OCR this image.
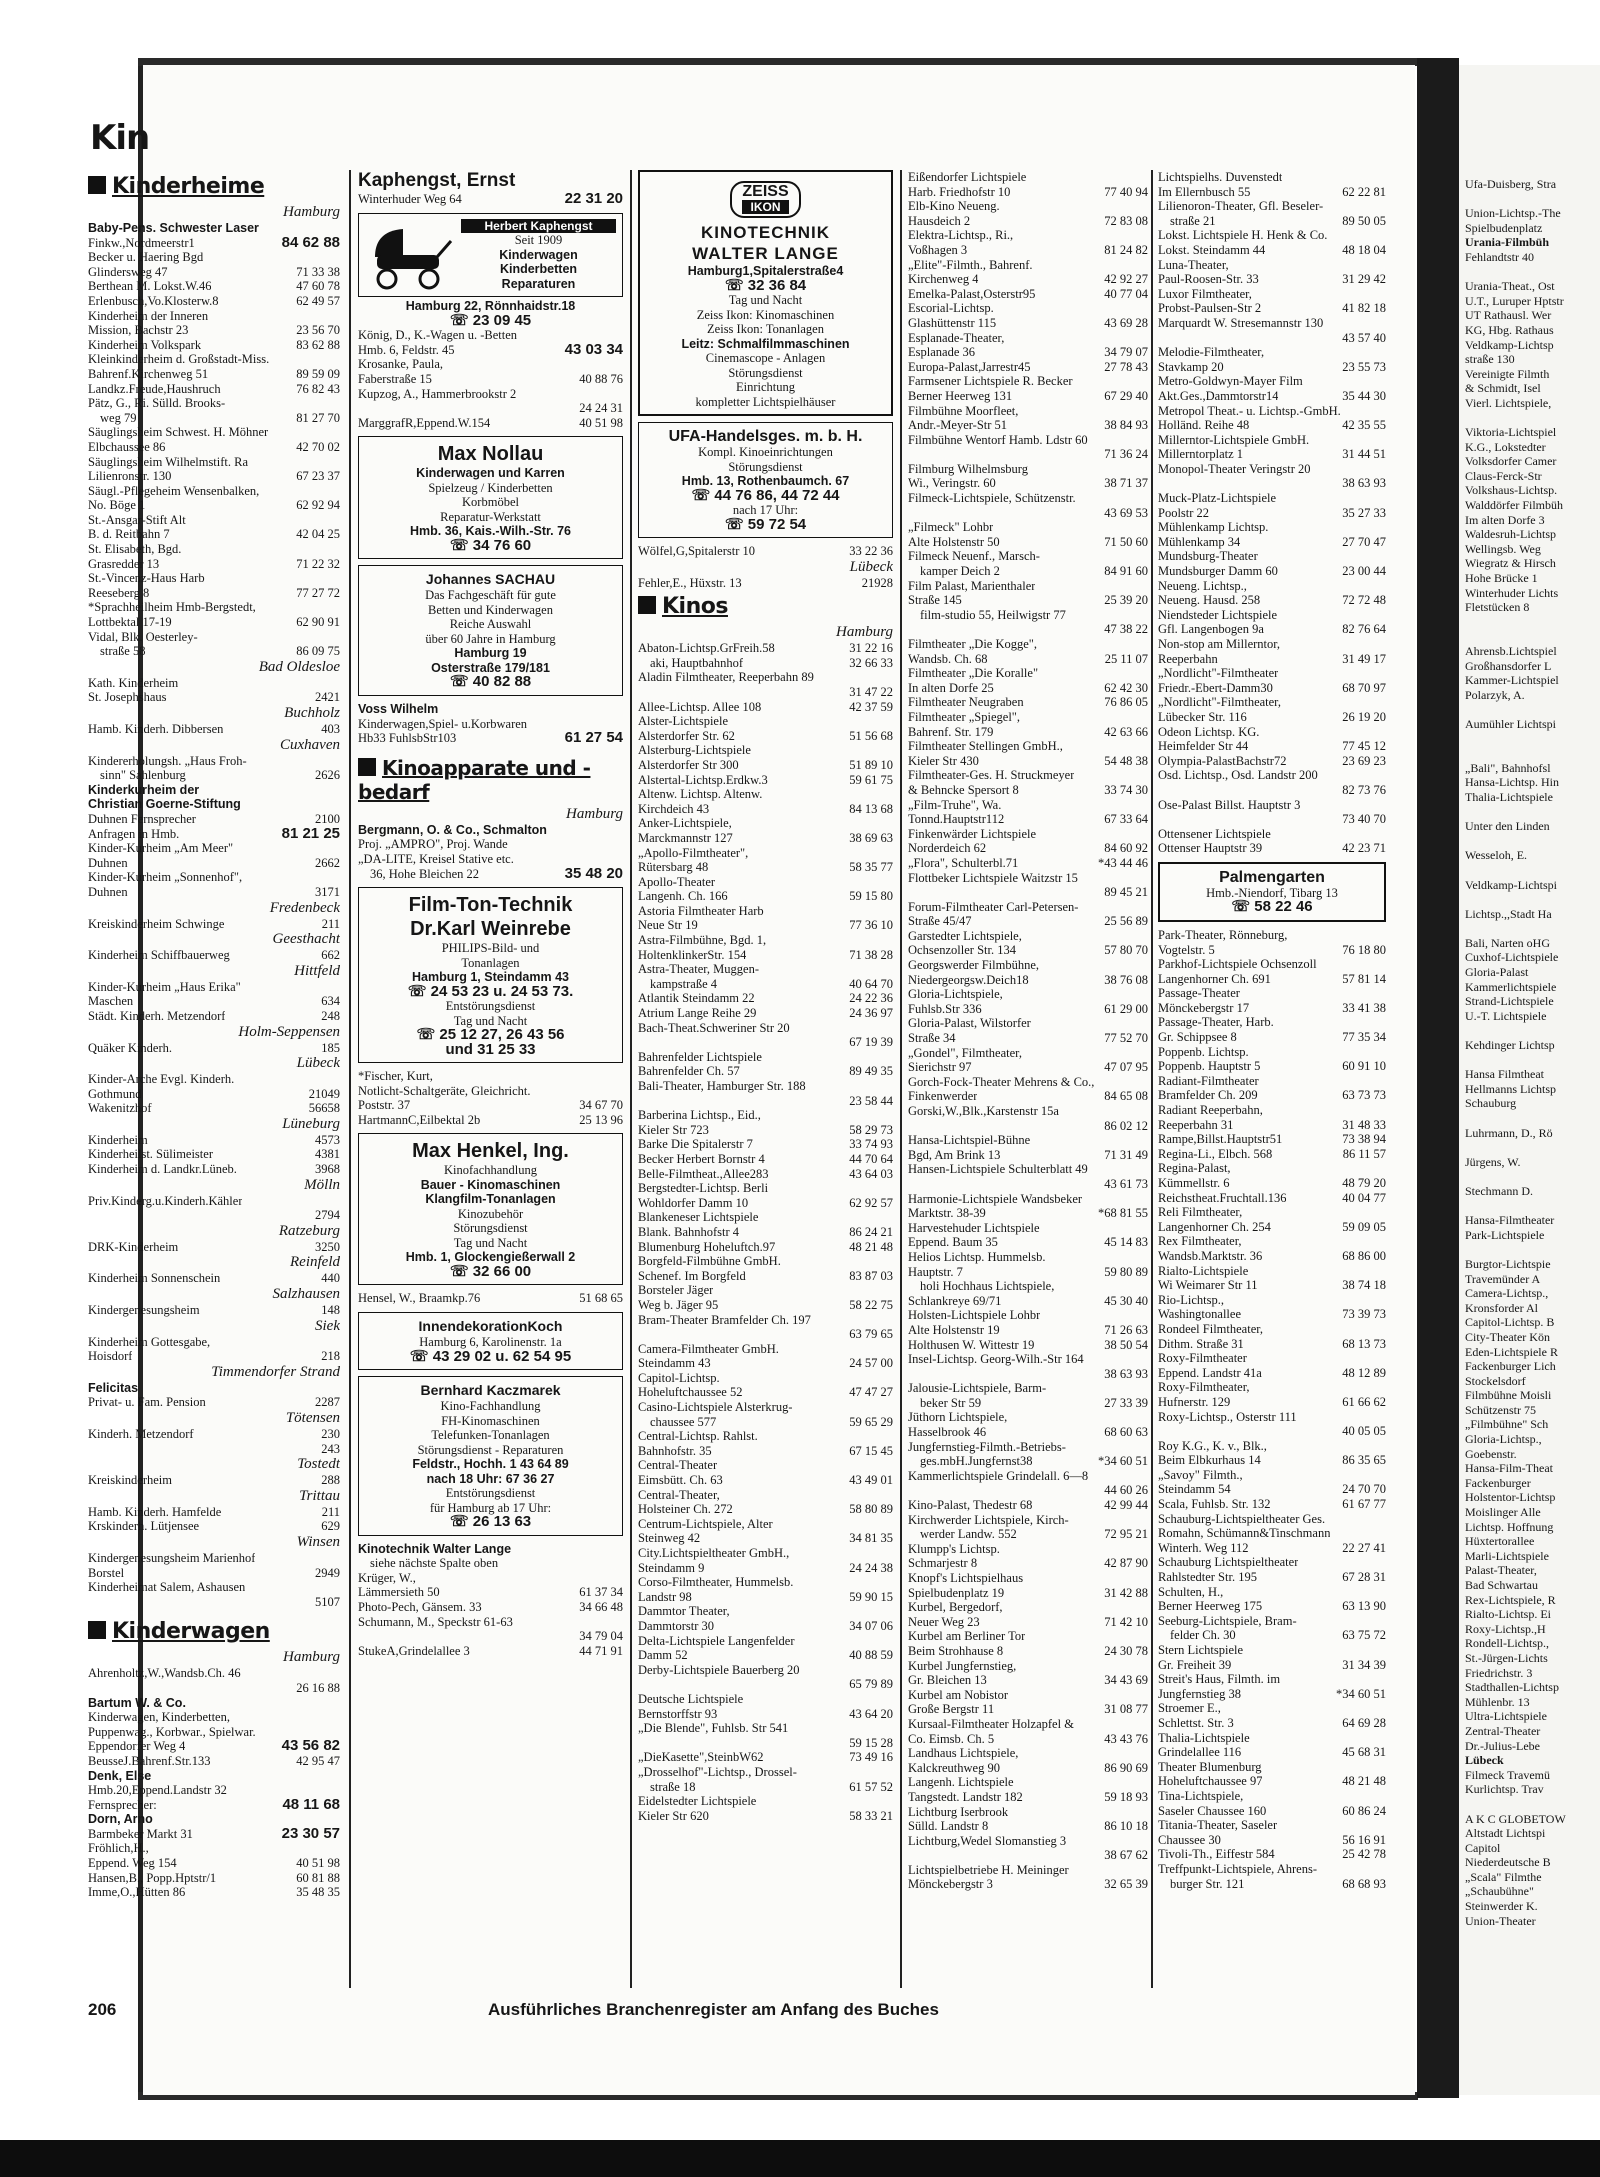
Ufa-Duisberg, Stra

Union-Lichtsp.-The
Spielbudenplatz
Urania-Filmbüh
Fehlandtstr 40

Urania-Theat., Ost
U.T., Luruper Hptstr
UT Rathausl. Wer
KG, Hbg. Rathaus
Veldkamp-Lichtsp
straße 130
Vereinigte Filmth
& Schmidt, Isel
Vierl. Lichtspiele,

Viktoria-Lichtspiel
K.G., Lokstedter
Volksdorfer Camer
Claus-Ferck-Str
Volkshaus-Lichtsp.
Walddörfer Filmbüh
Im alten Dorfe 3
Waldesruh-Lichtsp
Wellingsb. Weg
Wiegratz & Hirsch
Hohe Brücke 1
Winterhuder Lichts
Fletstücken 8

Ahrensb.Lichtspiel
Großhansdorfer L
Kammer-Lichtspiel
Polarzyk, A.

Aumühler Lichtspi

„Bali", Bahnhofsl
Hansa-Lichtsp. Hin
Thalia-Lichtspiele

Unter den Linden

Wesseloh, E.

Veldkamp-Lichtspi

Lichtsp.,,Stadt Ha

Bali, Narten oHG
Cuxhof-Lichtspiele
Gloria-Palast
Kammerlichtspiele
Strand-Lichtspiele
U.-T. Lichtspiele

Kehdinger Lichtsp

Hansa Filmtheat
Hellmanns Lichtsp
Schauburg

Luhrmann, D., Rö

Jürgens, W.

Stechmann D.

Hansa-Filmtheater
Park-Lichtspiele

Burgtor-Lichtspie
Travemünder A
Camera-Lichtsp.,
Kronsforder Al
Capitol-Lichtsp. B
City-Theater Kön
Eden-Lichtspiele R
Fackenburger Lich
Stockelsdorf
Filmbühne Moisli
Schützenstr 75
„Filmbühne" Sch
Gloria-Lichtsp.,
Goebenstr.
Hansa-Film-Theat
Fackenburger
Holstentor-Lichtsp
Moislinger Alle
Lichtsp. Hoffnung
Hüxtertorallee
Marli-Lichtspiele
Palast-Theater,
Bad Schwartau
Rex-Lichtspiele, R
Rialto-Lichtsp. Ei
Roxy-Lichtsp.,H
Rondell-Lichtsp.,
St.-Jürgen-Lichts
Friedrichstr. 3
Stadthallen-Lichtsp
Mühlenbr. 13
Ultra-Lichtspiele
Zentral-Theater
Dr.-Julius-Lebe
Lübeck
Filmeck Travemü
Kurlichtsp. Trav

A K C GLOBETOW
Altstadt Lichtspi
Capitol
Niederdeutsche B
„Scala" Filmthe
„Schaubühne"
Steinwerder K.
Union-Theater
Kin
Kinderheime
Hamburg
Baby-Pens. Schwester Laser
Finkw.,Nordmeerstr1	84 62 88
Becker u. Haering Bgd
Glindersweg 47	71 33 38
Berthean M. Lokst.W.46	47 60 78
Erlenbusch,Vo.Klosterw.8	62 49 57
Kinderheim der Inneren
Mission, Bachstr 23	23 56 70
Kinderheim Volkspark	83 62 88
Kleinkinderheim d. Großstadt-Miss.
Bahrenf.Kirchenweg 51	89 59 09
Landkz.Freude,Haushruch	76 82 43
Pätz, G., Ri. Sülld. Brooks-
weg 79	81 27 70
Säuglingsheim Schwest. H. Möhner
Elbchaussee 86	42 70 02
Säuglingsheim Wilhelmstift. Ra
Lilienronstr. 130	67 23 37
Säugl.-Pflegeheim Wensenbalken,
No. Böge 1	62 92 94
St.-Ansgar-Stift Alt
B. d. Reitbahn 7	42 04 25
St. Elisabeth, Bgd.
Grasredder 13	71 22 32
St.-Vincenz-Haus Harb
Reeseberg 8	77 27 72
*Sprachheilheim Hmb-Bergstedt,
Lottbektal 17-19	62 90 91
Vidal, Blk. Oesterley-
straße 58	86 09 75
Bad Oldesloe
Kath. Kinderheim
St. Josephshaus	2421
Buchholz
Hamb. Kinderh. Dibbersen	403
Cuxhaven
Kindererholungsh. „Haus Froh-
sinn" Sahlenburg	2626
Kinderkurheim der
Christian Goerne-Stiftung
Duhnen Fernsprecher	2100
Anfragen in Hmb.	81 21 25
Kinder-Kurheim „Am Meer"
Duhnen	2662
Kinder-Kurheim „Sonnenhof",
Duhnen	3171
Fredenbeck
Kreiskinderheim Schwinge	211
Geesthacht
Kinderheim Schiffbauerweg	662
Hittfeld
Kinder-Kurheim „Haus Erika"
Maschen	634
Städt. Kinderh. Metzendorf	248
Holm-Seppensen
Quäker Kinderh.	185
Lübeck
Kinder-Arche Evgl. Kinderh.
Gothmund	21049
Wakenitzhof	56658
Lüneburg
Kinderheim	4573
Kinderheilst. Sülimeister	4381
Kinderheim d. Landkr.Lüneb.	3968
Mölln
Priv.Kinderg.u.Kinderh.Kähler
2794
Ratzeburg
DRK-Kinderheim	3250
Reinfeld
Kinderheim Sonnenschein	440
Salzhausen
Kindergenesungsheim	148
Siek
Kinderheim Gottesgabe,
Hoisdorf	218
Timmendorfer Strand
Felicitas
Privat- u. Fam. Pension	2287
Tötensen
Kinderh. Metzendorf	230
243
Tostedt
Kreiskinderheim	288
Trittau
Hamb. Kinderh. Hamfelde	211
Krskinderh. Lütjensee	629
Winsen
Kindergenesungsheim Marienhof
Borstel	2949
Kinderheimat Salem, Ashausen
5107
Kinderwagen
Hamburg
Ahrenholtz,W.,Wandsb.Ch. 46
26 16 88
Bartum W. & Co.
Kinderwagen, Kinderbetten,
Puppenwag., Korbwar., Spielwar.
Eppendorfer Weg 4	43 56 82
BeusseJ.Bahrenf.Str.133	42 95 47
Denk, Else
Hmb.20,Eppend.Landstr 32
Fernsprecher:	48 11 68
Dorn, Arno
Barmbeker Markt 31	23 30 57
Fröhlich,H.,
Eppend. Weg 154	40 51 98
Hansen,B., Popp.Hptstr/1	60 81 88
Imme,O.,Hütten 86	35 48 35
Kaphengst, Ernst
Winterhuder Weg 64	22 31 20
Herbert Kaphengst
Seit 1909
Kinderwagen
Kinderbetten
Reparaturen
Hamburg 22, Rönnhaidstr.18
☏ 23 09 45
König, D., K.-Wagen u. -Betten
Hmb. 6, Feldstr. 45	43 03 34
Krosanke, Paula,
Faberstraße 15	40 88 76
Kupzog, A., Hammerbrookstr 2
24 24 31
MarggrafR,Eppend.W.154	40 51 98
Max Nollau
Kinderwagen und Karren
Spielzeug / Kinderbetten
Korbmöbel
Reparatur-Werkstatt
Hmb. 36, Kais.-Wilh.-Str. 76
☏ 34 76 60
Johannes SACHAU
Das Fachgeschäft für gute
Betten und Kinderwagen
Reiche Auswahl
über 60 Jahre in Hamburg
Hamburg 19
Osterstraße 179/181
☏ 40 82 88
Voss Wilhelm
Kinderwagen,Spiel- u.Korbwaren
Hb33 FuhlsbStr103	61 27 54
Kinoapparate und -bedarf
Hamburg
Bergmann, O. & Co., Schmalton
Proj. „AMPRO", Proj. Wande
„DA-LITE, Kreisel Stative etc.
36, Hohe Bleichen 22	35 48 20
Film-Ton-Technik
Dr.Karl Weinrebe
PHILIPS-Bild- und
Tonanlagen
Hamburg 1, Steindamm 43
☏ 24 53 23 u. 24 53 73.
Entstörungsdienst
Tag und Nacht
☏ 25 12 27, 26 43 56
und 31 25 33
*Fischer, Kurt,
Notlicht-Schaltgeräte, Gleichricht.
Poststr. 37	34 67 70
HartmannC,Eilbektal 2b	25 13 96
Max Henkel, Ing.
Kinofachhandlung
Bauer - Kinomaschinen
Klangfilm-Tonanlagen
Kinozubehör
Störungsdienst
Tag und Nacht
Hmb. 1, Glockengießerwall 2
☏ 32 66 00
Hensel, W., Braamkp.76	51 68 65
InnendekorationKoch
Hamburg 6, Karolinenstr. 1a
☏ 43 29 02 u. 62 54 95
Bernhard Kaczmarek
Kino-Fachhandlung
FH-Kinomaschinen
Telefunken-Tonanlagen
Störungsdienst - Reparaturen
Feldstr., Hochh. 1 43 64 89
nach 18 Uhr: 67 36 27
Entstörungsdienst
für Hamburg ab 17 Uhr:
☏ 26 13 63
Kinotechnik Walter Lange
siehe nächste Spalte oben
Krüger, W.,
Lämmersieth 50	61 37 34
Photo-Pech, Gänsem. 33	34 66 48
Schumann, M., Speckstr 61-63
34 79 04
StukeA,Grindelallee 3	44 71 91
ZEISS
IKON
KINOTECHNIK
WALTER LANGE
Hamburg1,Spitalerstraße4
☏ 32 36 84
Tag und Nacht
Zeiss Ikon: Kinomaschinen
Zeiss Ikon: Tonanlagen
Leitz: Schmalfilmmaschinen
Cinemascope - Anlagen
Störungsdienst
Einrichtung
kompletter Lichtspielhäuser
UFA-Handelsges. m. b. H.
Kompl. Kinoeinrichtungen
Störungsdienst
Hmb. 13, Rothenbaumch. 67
☏ 44 76 86, 44 72 44
nach 17 Uhr:
☏ 59 72 54
Wölfel,G,Spitalerstr 10	33 22 36
Lübeck
Fehler,E., Hüxstr. 13	21928
Kinos
Hamburg
Abaton-Lichtsp.GrFreih.58	31 22 16
aki, Hauptbahnhof	32 66 33
Aladin Filmtheater, Reeperbahn 89
31 47 22
Allee-Lichtsp. Allee 108	42 37 59
Alster-Lichtspiele
Alsterdorfer Str. 62	51 56 68
Alsterburg-Lichtspiele
Alsterdorfer Str 300	51 89 10
Alstertal-Lichtsp.Erdkw.3	59 61 75
Altenw. Lichtsp. Altenw.
Kirchdeich 43	84 13 68
Anker-Lichtspiele,
Marckmannstr 127	38 69 63
„Apollo-Filmtheater",
Rütersbarg 48	58 35 77
Apollo-Theater
Langenh. Ch. 166	59 15 80
Astoria Filmtheater Harb
Neue Str 19	77 36 10
Astra-Filmbühne, Bgd. 1,
HoltenklinkerStr. 154	71 38 28
Astra-Theater, Muggen-
kampstraße 4	40 64 70
Atlantik Steindamm 22	24 22 36
Atrium Lange Reihe 29	24 36 97
Bach-Theat.Schweriner Str 20
67 19 39
Bahrenfelder Lichtspiele
Bahrenfelder Ch. 57	89 49 35
Bali-Theater, Hamburger Str. 188
23 58 44
Barberina Lichtsp., Eid.,
Kieler Str 723	58 29 73
Barke Die Spitalerstr 7	33 74 93
Becker Herbert Bornstr 4	44 70 64
Belle-Filmtheat.,Allee283	43 64 03
Bergstedter-Lichtsp. Berli
Wohldorfer Damm 10	62 92 57
Blankeneser Lichtspiele
Blank. Bahnhofstr 4	86 24 21
Blumenburg Hoheluftch.97	48 21 48
Borgfeld-Filmbühne GmbH.
Schenef. Im Borgfeld	83 87 03
Borsteler Jäger
Weg b. Jäger 95	58 22 75
Bram-Theater Bramfelder Ch. 197
63 79 65
Camera-Filmtheater GmbH.
Steindamm 43	24 57 00
Capitol-Lichtsp.
Hoheluftchaussee 52	47 47 27
Casino-Lichtspiele Alsterkrug-
chaussee 577	59 65 29
Central-Lichtsp. Rahlst.
Bahnhofstr. 35	67 15 45
Central-Theater
Eimsbütt. Ch. 63	43 49 01
Central-Theater,
Holsteiner Ch. 272	58 80 89
Centrum-Lichtspiele, Alter
Steinweg 42	34 81 35
City.Lichtspieltheater GmbH.,
Steindamm 9	24 24 38
Corso-Filmtheater, Hummelsb.
Landstr 98	59 90 15
Dammtor Theater,
Dammtorstr 30	34 07 06
Delta-Lichtspiele Langenfelder
Damm 52	40 88 59
Derby-Lichtspiele Bauerberg 20
65 79 89
Deutsche Lichtspiele
Bernstorffstr 93	43 64 20
„Die Blende", Fuhlsb. Str 541
59 15 28
„DieKasette",SteinbW62	73 49 16
„Drosselhof"-Lichtsp., Drossel-
straße 18	61 57 52
Eidelstedter Lichtspiele
Kieler Str 620	58 33 21
Eißendorfer Lichtspiele
Harb. Friedhofstr 10	77 40 94
Elb-Kino Neueng.
Hausdeich 2	72 83 08
Elektra-Lichtsp., Ri.,
Voßhagen 3	81 24 82
„Elite"-Filmth., Bahrenf.
Kirchenweg 4	42 92 27
Emelka-Palast,Osterstr95	40 77 04
Escorial-Lichtsp.
Glashüttenstr 115	43 69 28
Esplanade-Theater,
Esplanade 36	34 79 07
Europa-Palast,Jarrestr45	27 78 43
Farmsener Lichtspiele R. Becker
Berner Heerweg 131	67 29 40
Filmbühne Moorfleet,
Andr.-Meyer-Str 51	38 84 93
Filmbühne Wentorf Hamb. Ldstr 60
71 36 24
Filmburg Wilhelmsburg
Wi., Veringstr. 60	38 71 37
Filmeck-Lichtspiele, Schützenstr.
43 69 53
„Filmeck" Lohbr
Alte Holstenstr 50	71 50 60
Filmeck Neuenf., Marsch-
kamper Deich 2	84 91 60
Film Palast, Marienthaler
Straße 145	25 39 20
film-studio 55, Heilwigstr 77
47 38 22
Filmtheater „Die Kogge",
Wandsb. Ch. 68	25 11 07
Filmtheater „Die Koralle"
In alten Dorfe 25	62 42 30
Filmtheater Neugraben	76 86 05
Filmtheater „Spiegel",
Bahrenf. Str. 179	42 63 66
Filmtheater Stellingen GmbH.,
Kieler Str 430	54 48 38
Filmtheater-Ges. H. Struckmeyer
& Behncke Spersort 8	33 74 30
„Film-Truhe", Wa.
Tonnd.Hauptstr112	67 33 64
Finkenwärder Lichtspiele
Norderdeich 62	84 60 92
„Flora", Schulterbl.71	*43 44 46
Flottbeker Lichtspiele Waitzstr 15
89 45 21
Forum-Filmtheater Carl-Petersen-
Straße 45/47	25 56 89
Garstedter Lichtspiele,
Ochsenzoller Str. 134	57 80 70
Georgswerder Filmbühne,
Niedergeorgsw.Deich18	38 76 08
Gloria-Lichtspiele,
Fuhlsb.Str 336	61 29 00
Gloria-Palast, Wilstorfer
Straße 34	77 52 70
„Gondel", Filmtheater,
Sierichstr 97	47 07 95
Gorch-Fock-Theater Mehrens & Co.,
Finkenwerder	84 65 08
Gorski,W.,Blk.,Karstenstr 15a
86 02 12
Hansa-Lichtspiel-Bühne
Bgd, Am Brink 13	71 31 49
Hansen-Lichtspiele Schulterblatt 49
43 61 73
Harmonie-Lichtspiele Wandsbeker
Marktstr. 38-39	*68 81 55
Harvestehuder Lichtspiele
Eppend. Baum 35	45 14 83
Helios Lichtsp. Hummelsb.
Hauptstr. 7	59 80 89
holi Hochhaus Lichtspiele,
Schlankreye 69/71	45 30 40
Holsten-Lichtspiele Lohbr
Alte Holstenstr 19	71 26 63
Holthusen W. Wittestr 19	38 50 54
Insel-Lichtsp. Georg-Wilh.-Str 164
38 63 93
Jalousie-Lichtspiele, Barm-
beker Str 59	27 33 39
Jüthorn Lichtspiele,
Hasselbrook 46	68 60 63
Jungfernstieg-Filmth.-Betriebs-
ges.mbH.Jungfernst38	*34 60 51
Kammerlichtspiele Grindelall. 6—8
44 60 26
Kino-Palast, Thedestr 68	42 99 44
Kirchwerder Lichtspiele, Kirch-
werder Landw. 552	72 95 21
Klumpp's Lichtsp.
Schmarjestr 8	42 87 90
Knopf's Lichtspielhaus
Spielbudenplatz 19	31 42 88
Kurbel, Bergedorf,
Neuer Weg 23	71 42 10
Kurbel am Berliner Tor
Beim Strohhause 8	24 30 78
Kurbel Jungfernstieg,
Gr. Bleichen 13	34 43 69
Kurbel am Nobistor
Große Bergstr 11	31 08 77
Kursaal-Filmtheater Holzapfel &
Co. Eimsb. Ch. 5	43 43 76
Landhaus Lichtspiele,
Kalckreuthweg 90	86 90 69
Langenh. Lichtspiele
Tangstedt. Landstr 182	59 18 93
Lichtburg Iserbrook
Sülld. Landstr 8	86 10 18
Lichtburg,Wedel Slomanstieg 3
38 67 62
Lichtspielbetriebe H. Meininger
Mönckebergstr 3	32 65 39
Lichtspielhs. Duvenstedt
Im Ellernbusch 55	62 22 81
Lilienoron-Theater, Gfl. Beseler-
straße 21	89 50 05
Lokst. Lichtspiele H. Henk & Co.
Lokst. Steindamm 44	48 18 04
Luna-Theater,
Paul-Roosen-Str. 33	31 29 42
Luxor Filmtheater,
Probst-Paulsen-Str 2	41 82 18
Marquardt W. Stresemannstr 130
43 57 40
Melodie-Filmtheater,
Stavkamp 20	23 55 73
Metro-Goldwyn-Mayer Film
Akt.Ges.,Dammtorstr14	35 44 30
Metropol Theat.- u. Lichtsp.-GmbH.
Holländ. Reihe 48	42 35 55
Millerntor-Lichtspiele GmbH.
Millerntorplatz 1	31 44 51
Monopol-Theater Veringstr 20
38 63 93
Muck-Platz-Lichtspiele
Poolstr 22	35 27 33
Mühlenkamp Lichtsp.
Mühlenkamp 34	27 70 47
Mundsburg-Theater
Mundsburger Damm 60	23 00 44
Neueng. Lichtsp.,
Neueng. Hausd. 258	72 72 48
Niendsteder Lichtspiele
Gfl. Langenbogen 9a	82 76 64
Non-stop am Millerntor,
Reeperbahn	31 49 17
„Nordlicht"-Filmtheater
Friedr.-Ebert-Damm30	68 70 97
„Nordlicht"-Filmtheater,
Lübecker Str. 116	26 19 20
Odeon Lichtsp. KG.
Heimfelder Str 44	77 45 12
Olympia-PalastBachstr72	23 69 23
Osd. Lichtsp., Osd. Landstr 200
82 73 76
Ose-Palast Billst. Hauptstr 3
73 40 70
Ottensener Lichtspiele
Ottenser Hauptstr 39	42 23 71
Palmengarten
Hmb.-Niendorf, Tibarg 13
☏ 58 22 46
Park-Theater, Rönneburg,
Vogtelstr. 5	76 18 80
Parkhof-Lichtspiele Ochsenzoll
Langenhorner Ch. 691	57 81 14
Passage-Theater
Mönckebergstr 17	33 41 38
Passage-Theater, Harb.
Gr. Schippsee 8	77 35 34
Poppenb. Lichtsp.
Poppenb. Hauptstr 5	60 91 10
Radiant-Filmtheater
Bramfelder Ch. 209	63 73 73
Radiant Reeperbahn,
Reeperbahn 31	31 48 33
Rampe,Billst.Hauptstr51	73 38 94
Regina-Li., Elbch. 568	86 11 57
Regina-Palast,
Kümmellstr. 6	48 79 20
Reichstheat.Fruchtall.136	40 04 77
Reli Filmtheater,
Langenhorner Ch. 254	59 09 05
Rex Filmtheater,
Wandsb.Marktstr. 36	68 86 00
Rialto-Lichtspiele
Wi Weimarer Str 11	38 74 18
Rio-Lichtsp.,
Washingtonallee	73 39 73
Rondeel Filmtheater,
Dithm. Straße 31	68 13 73
Roxy-Filmtheater
Eppend. Landstr 41a	48 12 89
Roxy-Filmtheater,
Hufnerstr. 129	61 66 62
Roxy-Lichtsp., Osterstr 111
40 05 05
Roy K.G., K. v., Blk.,
Beim Elbkurhaus 14	86 35 65
„Savoy" Filmth.,
Steindamm 54	24 70 70
Scala, Fuhlsb. Str. 132	61 67 77
Schauburg-Lichtspieltheater Ges.
Romahn, Schümann&Tinschmann
Winterh. Weg 112	22 27 41
Schauburg Lichtspieltheater
Rahlstedter Str. 195	67 28 31
Schulten, H.,
Berner Heerweg 175	63 13 90
Seeburg-Lichtspiele, Bram-
felder Ch. 30	63 75 72
Stern Lichtspiele
Gr. Freiheit 39	31 34 39
Streit's Haus, Filmth. im
Jungfernstieg 38	*34 60 51
Stroemer E.,
Schlettst. Str. 3	64 69 28
Thalia-Lichtspiele
Grindelallee 116	45 68 31
Theater Blumenburg
Hoheluftchaussee 97	48 21 48
Tina-Lichtspiele,
Saseler Chaussee 160	60 86 24
Titania-Theater, Saseler
Chaussee 30	56 16 91
Tivoli-Th., Eiffestr 584	25 42 78
Treffpunkt-Lichtspiele, Ahrens-
burger Str. 121	68 68 93
206	Ausführliches Branchenregister am Anfang des Buches
